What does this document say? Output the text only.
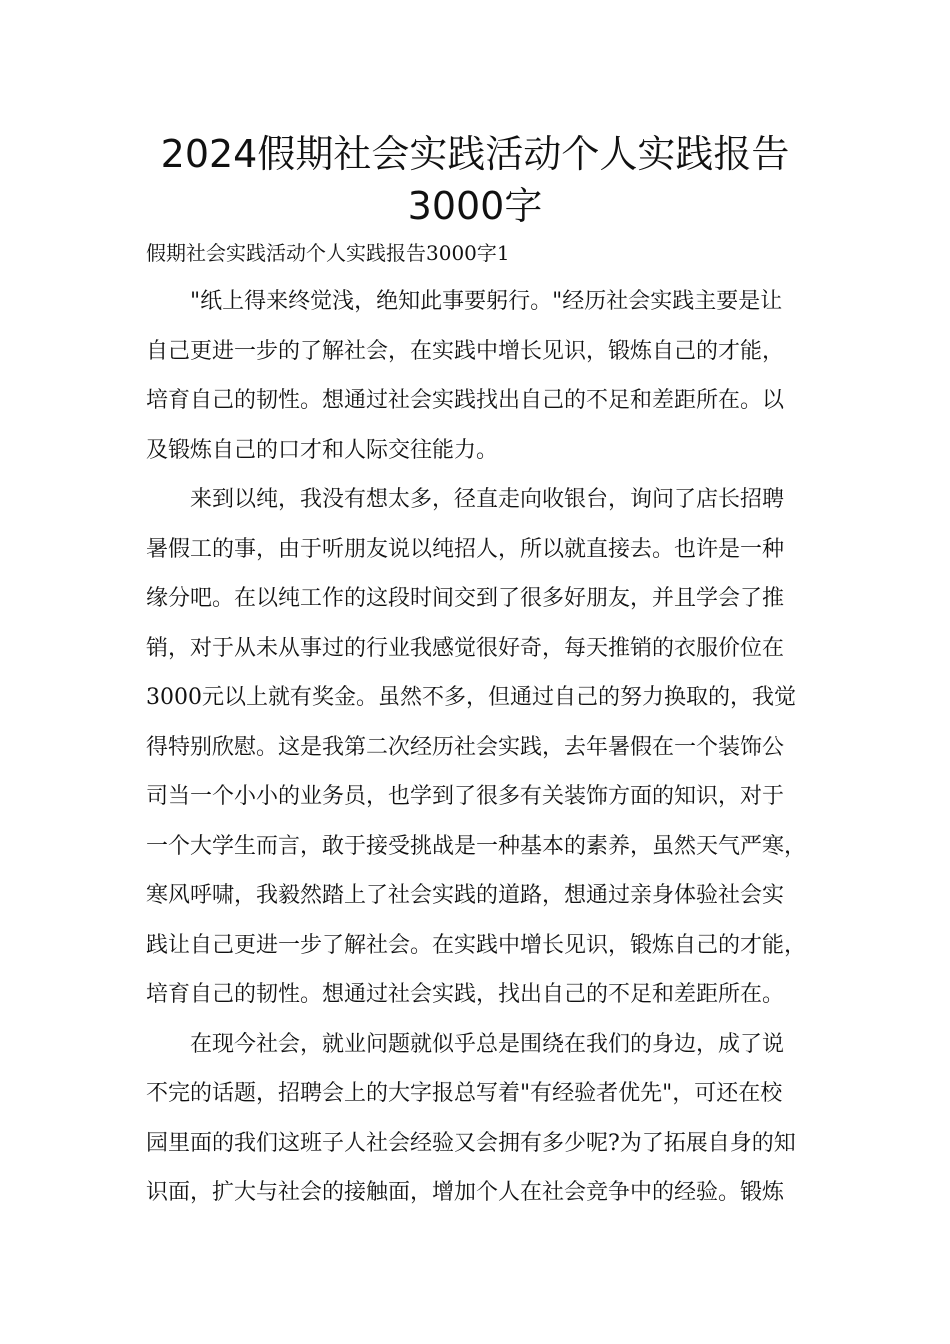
2024假期社会实践活动个人实践报告
3000字
假期社会实践活动个人实践报告3000字1
"纸上得来终觉浅，绝知此事要躬行。"经历社会实践主要是让
自己更进一步的了解社会，在实践中增长见识，锻炼自己的才能，
培育自己的韧性。想通过社会实践找出自己的不足和差距所在。以
及锻炼自己的口才和人际交往能力。
来到以纯，我没有想太多，径直走向收银台，询问了店长招聘
暑假工的事，由于听朋友说以纯招人，所以就直接去。也许是一种
缘分吧。在以纯工作的这段时间交到了很多好朋友，并且学会了推
销，对于从未从事过的行业我感觉很好奇，每天推销的衣服价位在
3000元以上就有奖金。虽然不多，但通过自己的努力换取的，我觉
得特别欣慰。这是我第二次经历社会实践，去年暑假在一个装饰公
司当一个小小的业务员，也学到了很多有关装饰方面的知识，对于
一个大学生而言，敢于接受挑战是一种基本的素养，虽然天气严寒，
寒风呼啸，我毅然踏上了社会实践的道路，想通过亲身体验社会实
践让自己更进一步了解社会。在实践中增长见识，锻炼自己的才能，
培育自己的韧性。想通过社会实践，找出自己的不足和差距所在。
在现今社会，就业问题就似乎总是围绕在我们的身边，成了说
不完的话题，招聘会上的大字报总写着"有经验者优先"，可还在校
园里面的我们这班子人社会经验又会拥有多少呢?为了拓展自身的知
识面，扩大与社会的接触面，增加个人在社会竞争中的经验。锻炼
